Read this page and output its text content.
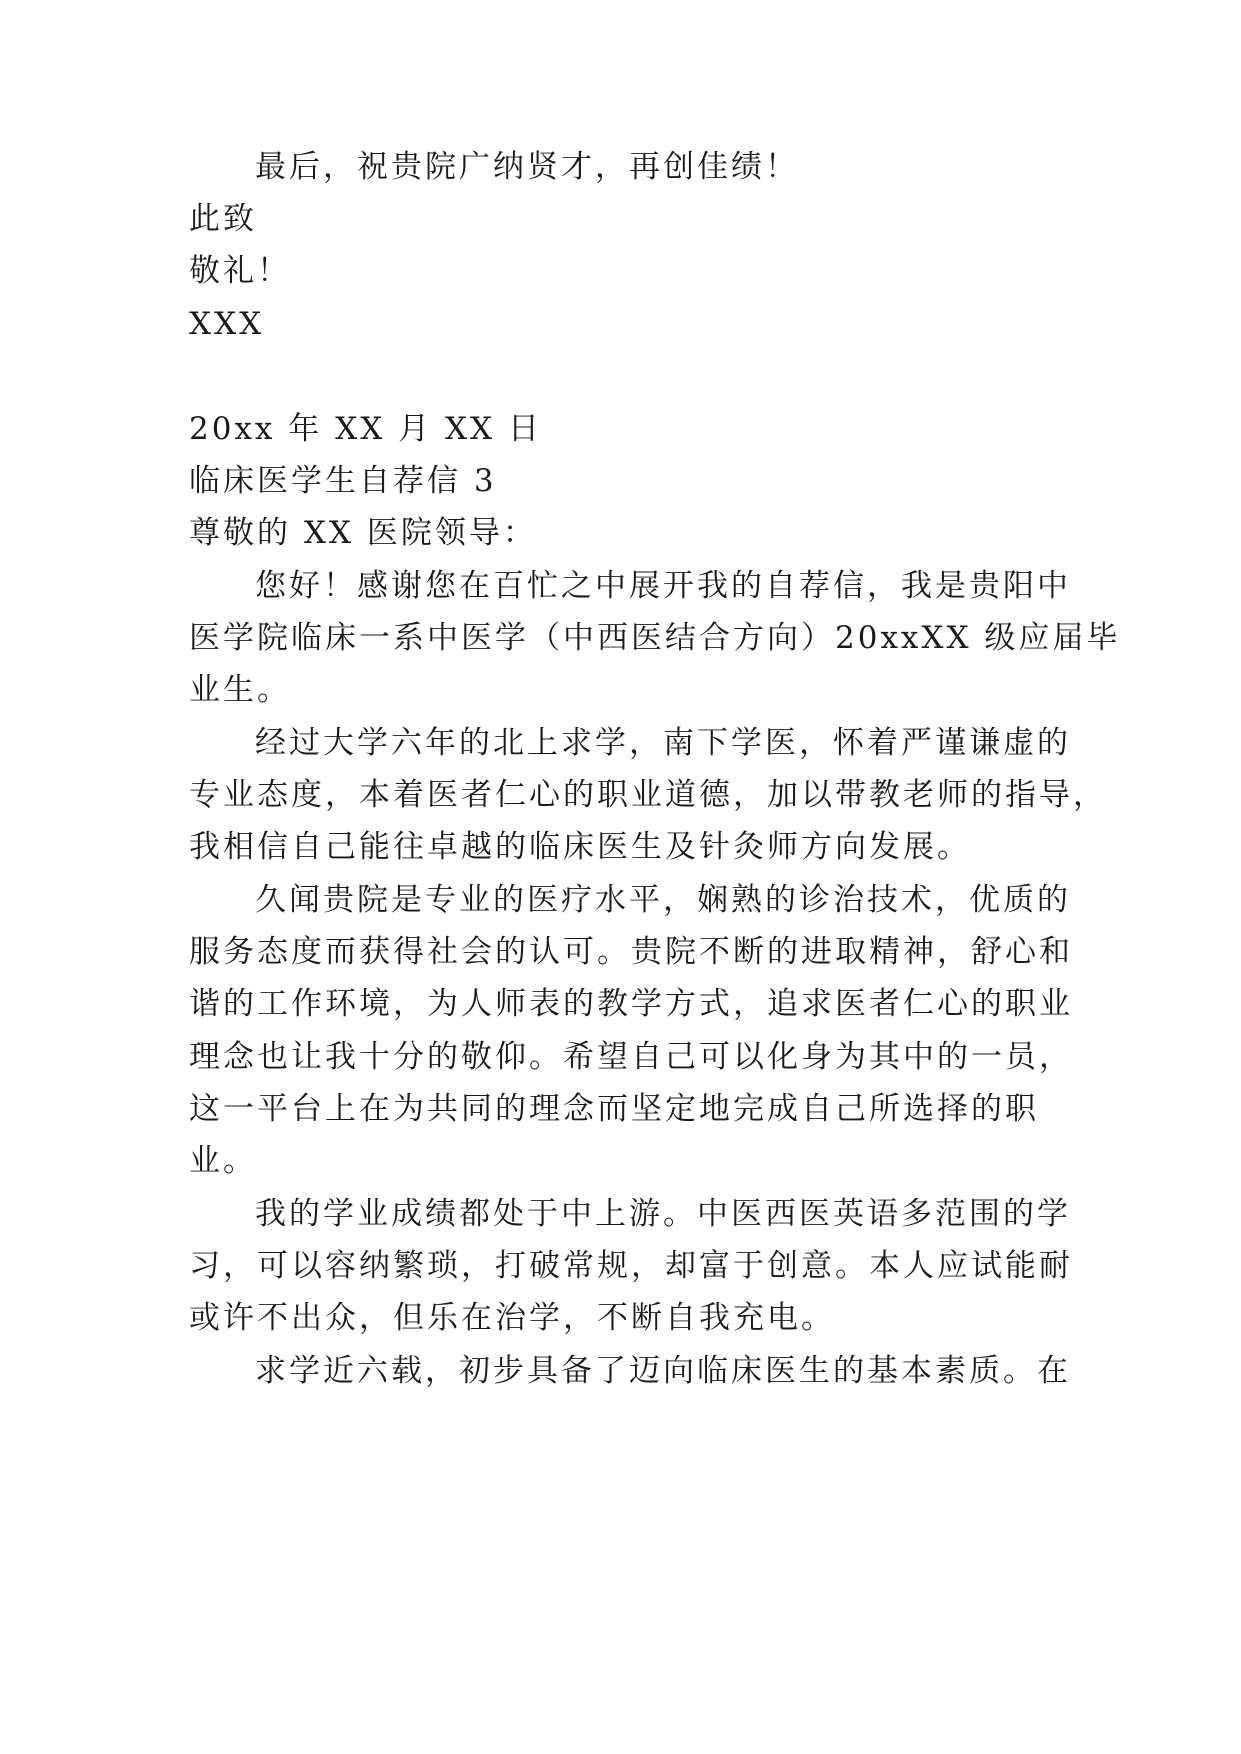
最后，祝贵院广纳贤才，再创佳绩！
此致
敬礼！
XXX
20xx 年 XX 月 XX 日
临床医学生自荐信 3
尊敬的 XX 医院领导：
您好！感谢您在百忙之中展开我的自荐信，我是贵阳中
医学院临床一系中医学（中西医结合方向）20xxXX 级应届毕
业生。
经过大学六年的北上求学，南下学医，怀着严谨谦虚的
专业态度，本着医者仁心的职业道德，加以带教老师的指导，
我相信自己能往卓越的临床医生及针灸师方向发展。
久闻贵院是专业的医疗水平，娴熟的诊治技术，优质的
服务态度而获得社会的认可。贵院不断的进取精神，舒心和
谐的工作环境，为人师表的教学方式，追求医者仁心的职业
理念也让我十分的敬仰。希望自己可以化身为其中的一员，
这一平台上在为共同的理念而坚定地完成自己所选择的职
业。
我的学业成绩都处于中上游。中医西医英语多范围的学
习，可以容纳繁琐，打破常规，却富于创意。本人应试能耐
或许不出众，但乐在治学，不断自我充电。
求学近六载，初步具备了迈向临床医生的基本素质。在
